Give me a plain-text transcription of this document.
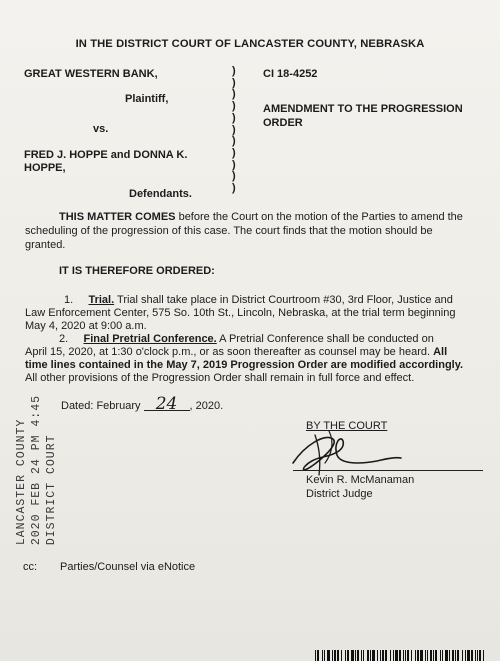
IN THE DISTRICT COURT OF LANCASTER COUNTY, NEBRASKA

GREAT WESTERN BANK,

Plaintiff,

vs.

FRED J. HOPPE and DONNA K.

HOPPE,

Defendants.

)
)
)
)
)
)
)
)
)
)
)

CI 18-4252

AMENDMENT TO THE PROGRESSION

ORDER

THIS MATTER COMES before the Court on the motion of the Parties to amend the

scheduling of the progression of this case. The court finds that the motion should be

granted.

IT IS THEREFORE ORDERED:

1. Trial. Trial shall take place in District Courtroom #30, 3rd Floor, Justice and

Law Enforcement Center, 575 So. 10th St., Lincoln, Nebraska, at the trial term beginning

May 4, 2020 at 9:00 a.m.

2. Final Pretrial Conference. A Pretrial Conference shall be conducted on

April 15, 2020, at 1:30 o'clock p.m., or as soon thereafter as counsel may be heard. All

time lines contained in the May 7, 2019 Progression Order are modified accordingly.

All other provisions of the Progression Order shall remain in full force and effect.

LANCASTER COUNTY 2020 FEB 24 PM 4:45 DISTRICT COURT

Dated: February 24 , 2020.

BY THE COURT

Kevin R. McManaman

District Judge

cc: Parties/Counsel via eNotice
